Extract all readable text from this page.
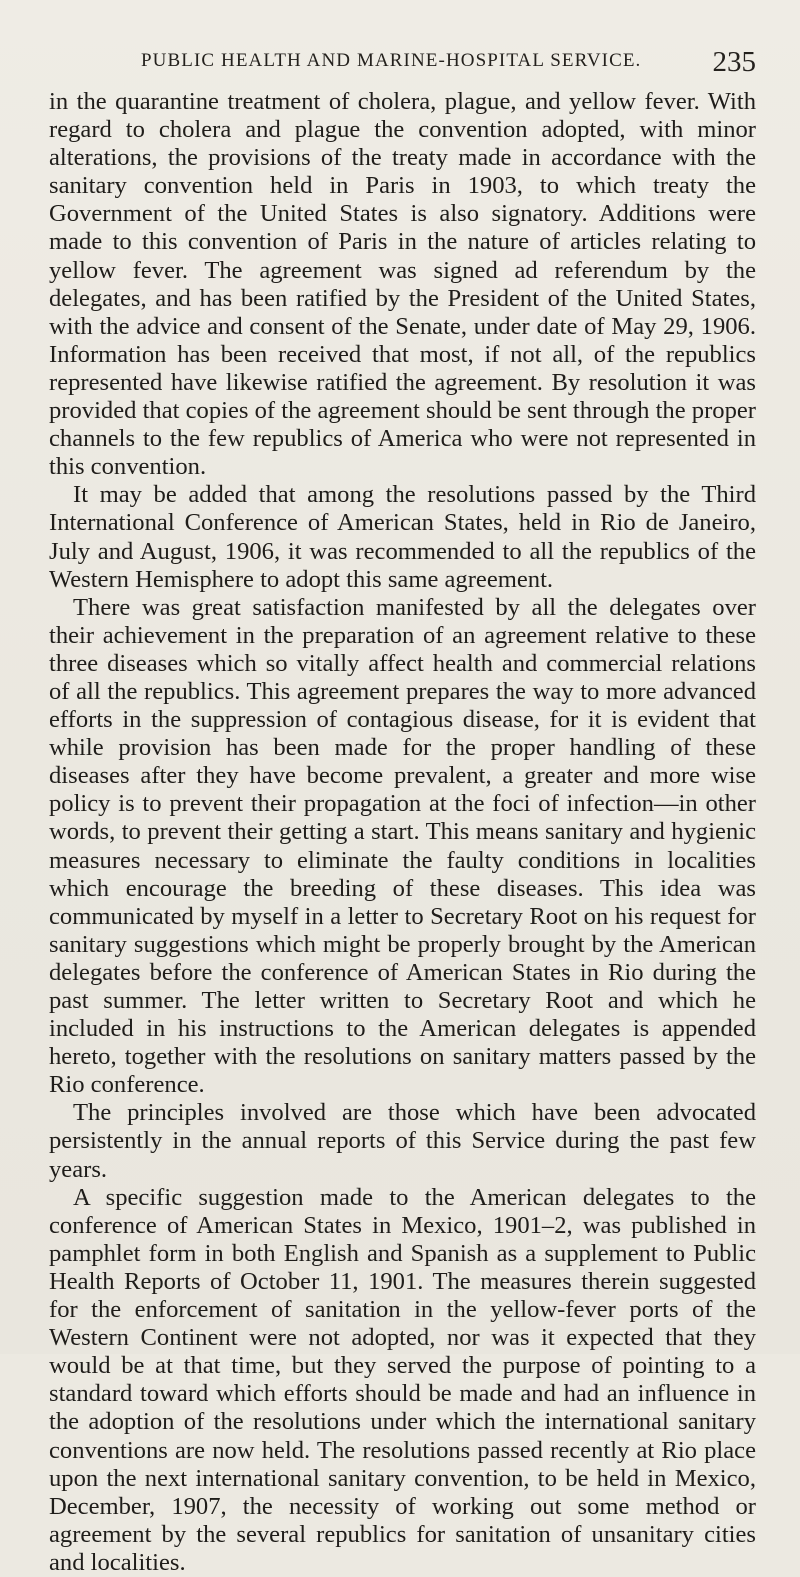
PUBLIC HEALTH AND MARINE-HOSPITAL SERVICE. 235

in the quarantine treatment of cholera, plague, and yellow fever. With regard to cholera and plague the convention adopted, with minor alterations, the provisions of the treaty made in accordance with the sanitary convention held in Paris in 1903, to which treaty the Government of the United States is also signatory. Additions were made to this convention of Paris in the nature of articles relating to yellow fever. The agreement was signed ad referendum by the delegates, and has been ratified by the President of the United States, with the advice and consent of the Senate, under date of May 29, 1906. Information has been received that most, if not all, of the republics represented have likewise ratified the agreement. By resolution it was provided that copies of the agreement should be sent through the proper channels to the few republics of America who were not represented in this convention.

It may be added that among the resolutions passed by the Third International Conference of American States, held in Rio de Janeiro, July and August, 1906, it was recommended to all the republics of the Western Hemisphere to adopt this same agreement.

There was great satisfaction manifested by all the delegates over their achievement in the preparation of an agreement relative to these three diseases which so vitally affect health and commercial relations of all the republics. This agreement prepares the way to more advanced efforts in the suppression of contagious disease, for it is evident that while provision has been made for the proper handling of these diseases after they have become prevalent, a greater and more wise policy is to prevent their propagation at the foci of infection—in other words, to prevent their getting a start. This means sanitary and hygienic measures necessary to eliminate the faulty conditions in localities which encourage the breeding of these diseases. This idea was communicated by myself in a letter to Secretary Root on his request for sanitary suggestions which might be properly brought by the American delegates before the conference of American States in Rio during the past summer. The letter written to Secretary Root and which he included in his instructions to the American delegates is appended hereto, together with the resolutions on sanitary matters passed by the Rio conference.

The principles involved are those which have been advocated persistently in the annual reports of this Service during the past few years.

A specific suggestion made to the American delegates to the conference of American States in Mexico, 1901–2, was published in pamphlet form in both English and Spanish as a supplement to Public Health Reports of October 11, 1901. The measures therein suggested for the enforcement of sanitation in the yellow-fever ports of the Western Continent were not adopted, nor was it expected that they would be at that time, but they served the purpose of pointing to a standard toward which efforts should be made and had an influence in the adoption of the resolutions under which the international sanitary conventions are now held. The resolutions passed recently at Rio place upon the next international sanitary convention, to be held in Mexico, December, 1907, the necessity of working out some method or agreement by the several republics for sanitation of unsanitary cities and localities.
